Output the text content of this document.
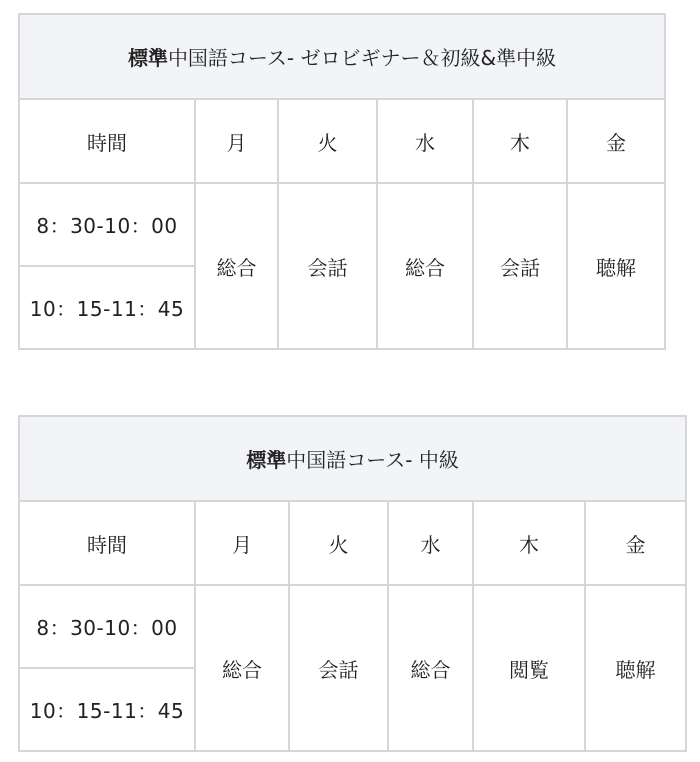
標準中国語コース- ゼロビギナー＆初級&準中級					
時間	月	火	水	木	金
8：30-10：00	総合	会話	総合	会話	聴解
10：15-11：45					
標準中国語コース- 中級					
時間	月	火	水	木	金
8：30-10：00	総合	会話	総合	閲覧	聴解
10：15-11：45					
